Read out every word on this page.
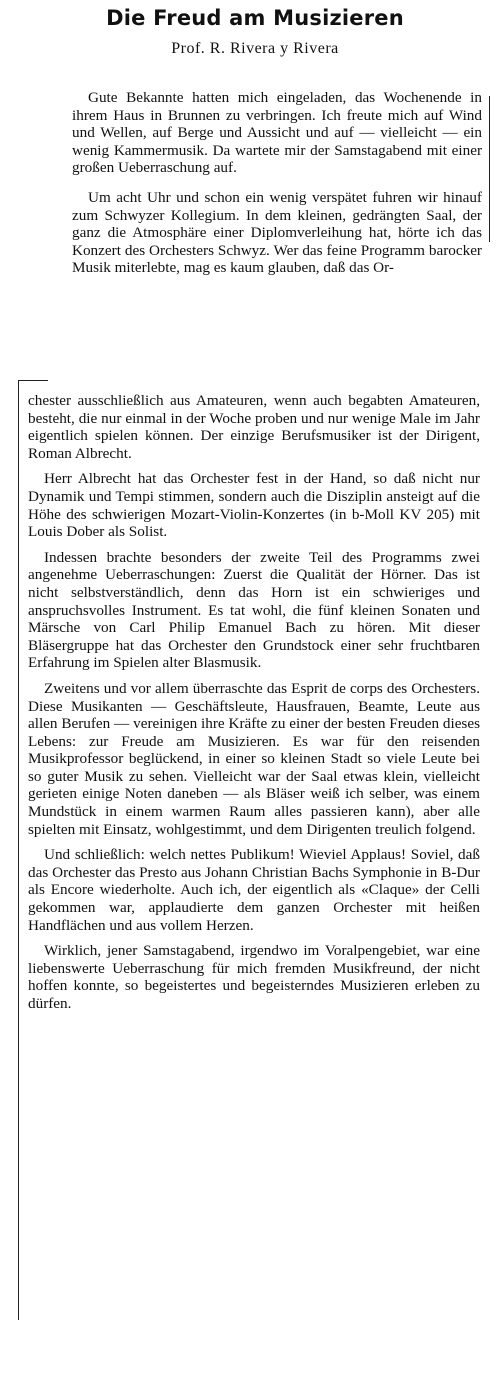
Die Freud am Musizieren

Prof. R. Rivera y Rivera

Gute Bekannte hatten mich eingeladen, das Wochenende in ihrem Haus in Brunnen zu verbringen. Ich freute mich auf Wind und Wellen, auf Berge und Aussicht und auf — vielleicht — ein wenig Kammermusik. Da wartete mir der Samstagabend mit einer großen Ueberraschung auf.

Um acht Uhr und schon ein wenig verspätet fuhren wir hinauf zum Schwyzer Kollegium. In dem kleinen, gedrängten Saal, der ganz die Atmosphäre einer Diplomverleihung hat, hörte ich das Konzert des Orchesters Schwyz. Wer das feine Programm barocker Musik miterlebte, mag es kaum glauben, daß das Or-

chester ausschließlich aus Amateuren, wenn auch begabten Amateuren, besteht, die nur einmal in der Woche proben und nur wenige Male im Jahr eigentlich spielen können. Der einzige Berufsmusiker ist der Dirigent, Roman Albrecht.

Herr Albrecht hat das Orchester fest in der Hand, so daß nicht nur Dynamik und Tempi stimmen, sondern auch die Disziplin ansteigt auf die Höhe des schwierigen Mozart-Violin-Konzertes (in b-Moll KV 205) mit Louis Dober als Solist.

Indessen brachte besonders der zweite Teil des Programms zwei angenehme Ueberraschungen: Zuerst die Qualität der Hörner. Das ist nicht selbstverständlich, denn das Horn ist ein schwieriges und anspruchsvolles Instrument. Es tat wohl, die fünf kleinen Sonaten und Märsche von Carl Philip Emanuel Bach zu hören. Mit dieser Bläsergruppe hat das Orchester den Grundstock einer sehr fruchtbaren Erfahrung im Spielen alter Blasmusik.

Zweitens und vor allem überraschte das Esprit de corps des Orchesters. Diese Musikanten — Geschäftsleute, Hausfrauen, Beamte, Leute aus allen Berufen — vereinigen ihre Kräfte zu einer der besten Freuden dieses Lebens: zur Freude am Musizieren. Es war für den reisenden Musikprofessor beglückend, in einer so kleinen Stadt so viele Leute bei so guter Musik zu sehen. Vielleicht war der Saal etwas klein, vielleicht gerieten einige Noten daneben — als Bläser weiß ich selber, was einem Mundstück in einem warmen Raum alles passieren kann), aber alle spielten mit Einsatz, wohlgestimmt, und dem Dirigenten treulich folgend.

Und schließlich: welch nettes Publikum! Wieviel Applaus! Soviel, daß das Orchester das Presto aus Johann Christian Bachs Symphonie in B-Dur als Encore wiederholte. Auch ich, der eigentlich als «Claque» der Celli gekommen war, applaudierte dem ganzen Orchester mit heißen Handflächen und aus vollem Herzen.

Wirklich, jener Samstagabend, irgendwo im Voralpengebiet, war eine liebenswerte Ueberraschung für mich fremden Musikfreund, der nicht hoffen konnte, so begeistertes und begeisterndes Musizieren erleben zu dürfen.
